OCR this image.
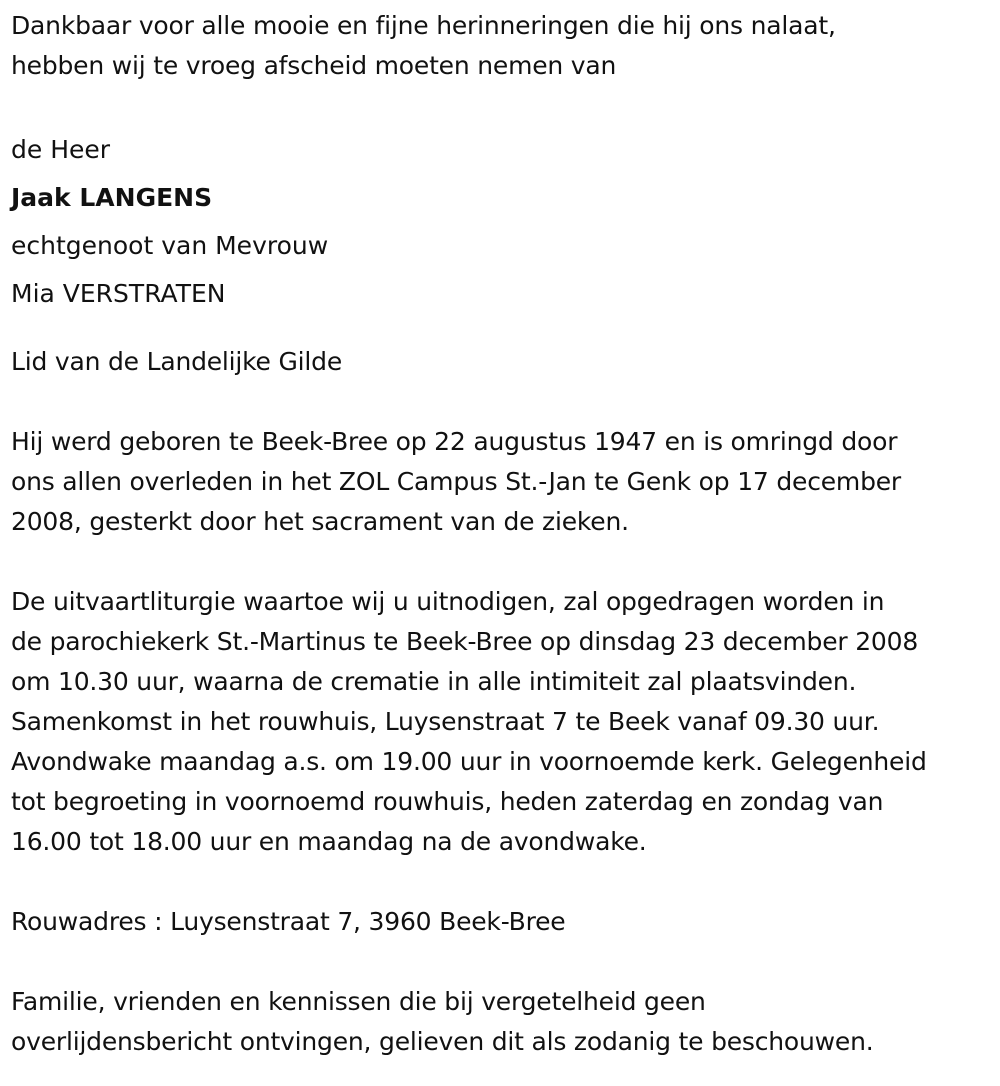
Dankbaar voor alle mooie en fijne herinneringen die hij ons nalaat,
hebben wij te vroeg afscheid moeten nemen van

de Heer
Jaak LANGENS
echtgenoot van Mevrouw
Mia VERSTRATEN

Lid van de Landelijke Gilde

Hij werd geboren te Beek-Bree op 22 augustus 1947 en is omringd door
ons allen overleden in het ZOL Campus St.-Jan te Genk op 17 december
2008, gesterkt door het sacrament van de zieken.

De uitvaartliturgie waartoe wij u uitnodigen, zal opgedragen worden in
de parochiekerk St.-Martinus te Beek-Bree op dinsdag 23 december 2008
om 10.30 uur, waarna de crematie in alle intimiteit zal plaatsvinden.
Samenkomst in het rouwhuis, Luysenstraat 7 te Beek vanaf 09.30 uur.
Avondwake maandag a.s. om 19.00 uur in voornoemde kerk. Gelegenheid
tot begroeting in voornoemd rouwhuis, heden zaterdag en zondag van
16.00 tot 18.00 uur en maandag na de avondwake.

Rouwadres : Luysenstraat 7, 3960 Beek-Bree

Familie, vrienden en kennissen die bij vergetelheid geen
overlijdensbericht ontvingen, gelieven dit als zodanig te beschouwen.
